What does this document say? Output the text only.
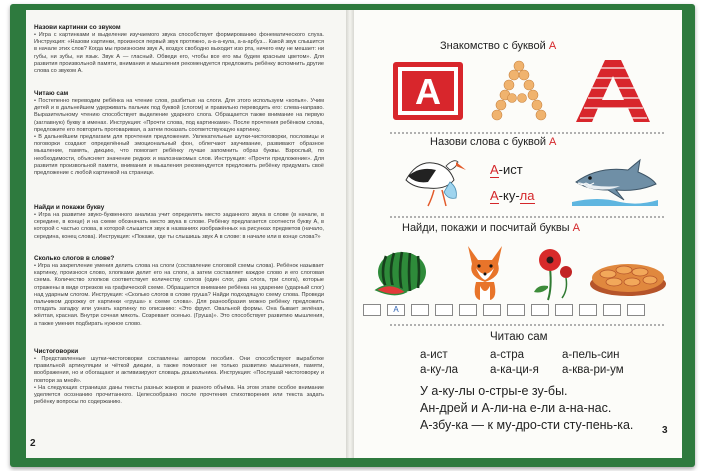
Назови картинки со звуком
• Игра с картинками и выделение изучаемого звука способствует формированию фонематического слуха. Инструкция: «Назови картинки, произнося первый звук протяжно, а-а-а-кула, а-а-арбуз... Какой звук слышится в начале этих слов? Когда мы произносим звук А, воздух свободно выходит изо рта, ничего ему не мешает: ни губы, ни зубы, ни язык. Звук А — гласный. Обведи его, чтобы все его мы будем красным цветом». Для развития произвольной памяти, внимания и мышления рекомендуется предложить ребёнку вспомнить другие слова со звуком А.
Читаю сам
• Постепенно переводим ребёнка на чтение слов, разбитых на слоги. Для этого используем «копья». Учим детей и в дальнейшем удерживать пальчик под буквой (слогом) и правильно переводить его: слева-направо. Выразительному чтению способствует выделение ударного слога. Обращается также внимание на первую (заглавную) букву в именах. Инструкция: «Прочти слова, под картинками». После прочтения ребёнком слова, предложите его повторить проговаривая, а затем показать соответствующую картинку.
• В дальнейшем предлагаем для прочтения предложения. Увлекательные шутки-чистоговорки, пословицы и поговорки создают определённый эмоциональный фон, облегчают заучивание, развивают образное мышление, память, дикцию, что помогает ребёнку лучше запомнить образ буквы. Взрослый, по необходимости, объясняет значение редких и малознакомых слов. Инструкция: «Прочти предложение». Для развития произвольной памяти, внимания и мышления рекомендуется предложить ребёнку придумать своё предложение с любой картинкой на странице.
Найди и покажи букву
• Игра на развитие звуко-буквенного анализа учит определять место заданного звука в слове (в начале, в середине, в конце) и на схеме обозначать место звука в слове. Ребёнку предлагается соотнести букву А, в которой с частью слова, в которой слышится звук в названиях изображённых на рисунках предметов (начало, середина, конец слова). Инструкция: «Покажи, где ты слышишь звук А в слове: в начале или в конце слова?»
Сколько слогов в слове?
• Игра на закрепление умения делить слова на слоги (составление слоговой схемы слова). Ребёнок называет картинку, произнося слово, хлопками делит его на слоги, а затем составляет каждое слово и его слоговая схема. Количество хлопков соответствует количеству слогов (один слог, два слога, три слога), которые отражены в виде отрезков на графической схеме. Обращается внимание ребёнка на ударение (ударный слог) над ударным слогом. Инструкция: «Сколько слогов в слове груша? Найди подходящую схему слова. Проведи пальчиком дорожку от картинки «груша» к схеме слова». Для разнообразия можно ребёнку предложить отгадать загадку или узнать картинку по описанию: «Это фрукт. Овальной формы. Она бывает зелёная, жёлтая, красная. Внутри сочная мякоть. Созревает осенью. (Груша)». Это способствует развитию мышления, а также умения подбирать нужное слово.
Чистоговорки
• Представленные шутки-чистоговорки составлены автором пособия. Они способствуют выработке правильной артикуляции и чёткой дикции, а также помогают не только развитию мышления, памяти, воображения, но и обогащают и активизируют словарь дошкольника. Инструкция: «Послушай чистоговорку и повтори за мной».
• На следующих страницах даны тексты разных жанров и разного объёма. На этом этапе особое внимание уделяется осознанию прочитанного. Целесообразно после прочтения стихотворения или текста задать ребёнку вопросы по содержанию.
2
Знакомство с буквой А
А
Назови слова с буквой А
А-ист
А-ку-ла
Найди, покажи и посчитай буквы А
А
Читаю сам
а-ист	а-стра	а-пель-син
а-ку-ла	а-ка-ци-я а-ква-ри-ум
У а-ку-лы о-стры-е зу-бы.
Ан-дрей и А-ли-на е-ли а-на-нас.
А-збу-ка — к му-дро-сти сту-пень-ка.	3
